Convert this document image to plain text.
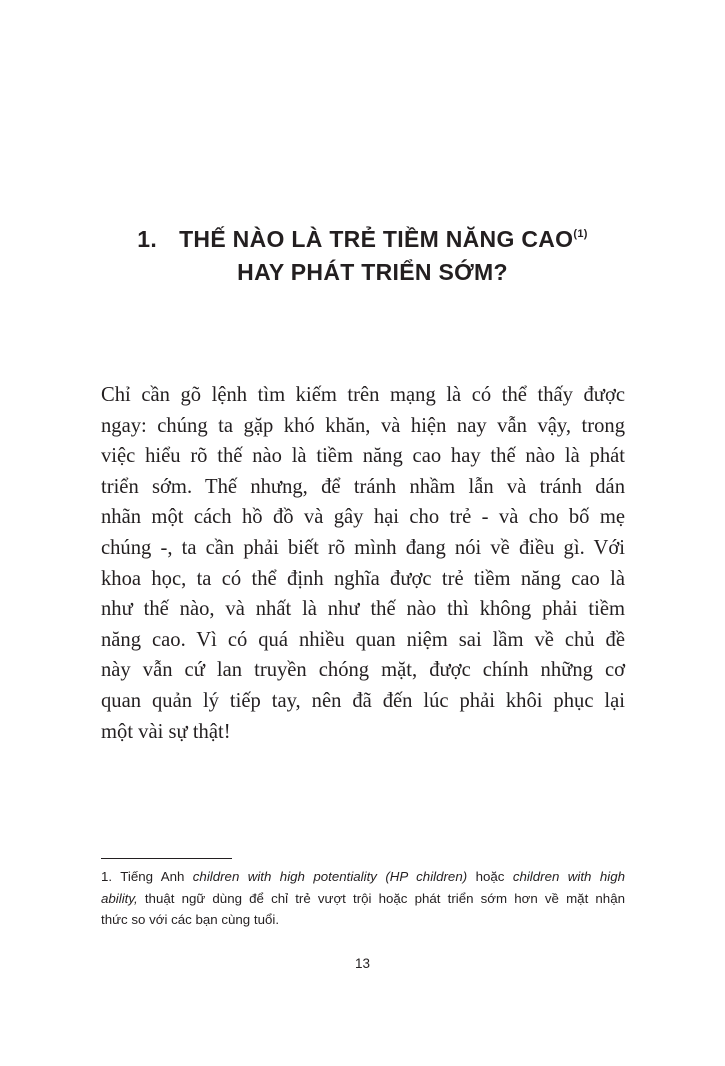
1. THẾ NÀO LÀ TRẺ TIỀM NĂNG CAO$^{(1)}$
HAY PHÁT TRIỂN SỚM?
Chỉ cần gõ lệnh tìm kiếm trên mạng là có thể thấy được
ngay: chúng ta gặp khó khăn, và hiện nay vẫn vậy, trong
việc hiểu rõ thế nào là tiềm năng cao hay thế nào là phát
triển sớm. Thế nhưng, để tránh nhầm lẫn và tránh dán
nhãn một cách hồ đồ và gây hại cho trẻ - và cho bố mẹ
chúng -, ta cần phải biết rõ mình đang nói về điều gì. Với
khoa học, ta có thể định nghĩa được trẻ tiềm năng cao là
như thế nào, và nhất là như thế nào thì không phải tiềm
năng cao. Vì có quá nhiều quan niệm sai lầm về chủ đề
này vẫn cứ lan truyền chóng mặt, được chính những cơ
quan quản lý tiếp tay, nên đã đến lúc phải khôi phục lại
một vài sự thật!
1. Tiếng Anh children with high potentiality (HP children) hoặc children with high
ability, thuật ngữ dùng để chỉ trẻ vượt trội hoặc phát triển sớm hơn về mặt nhận
thức so với các bạn cùng tuổi.
13
